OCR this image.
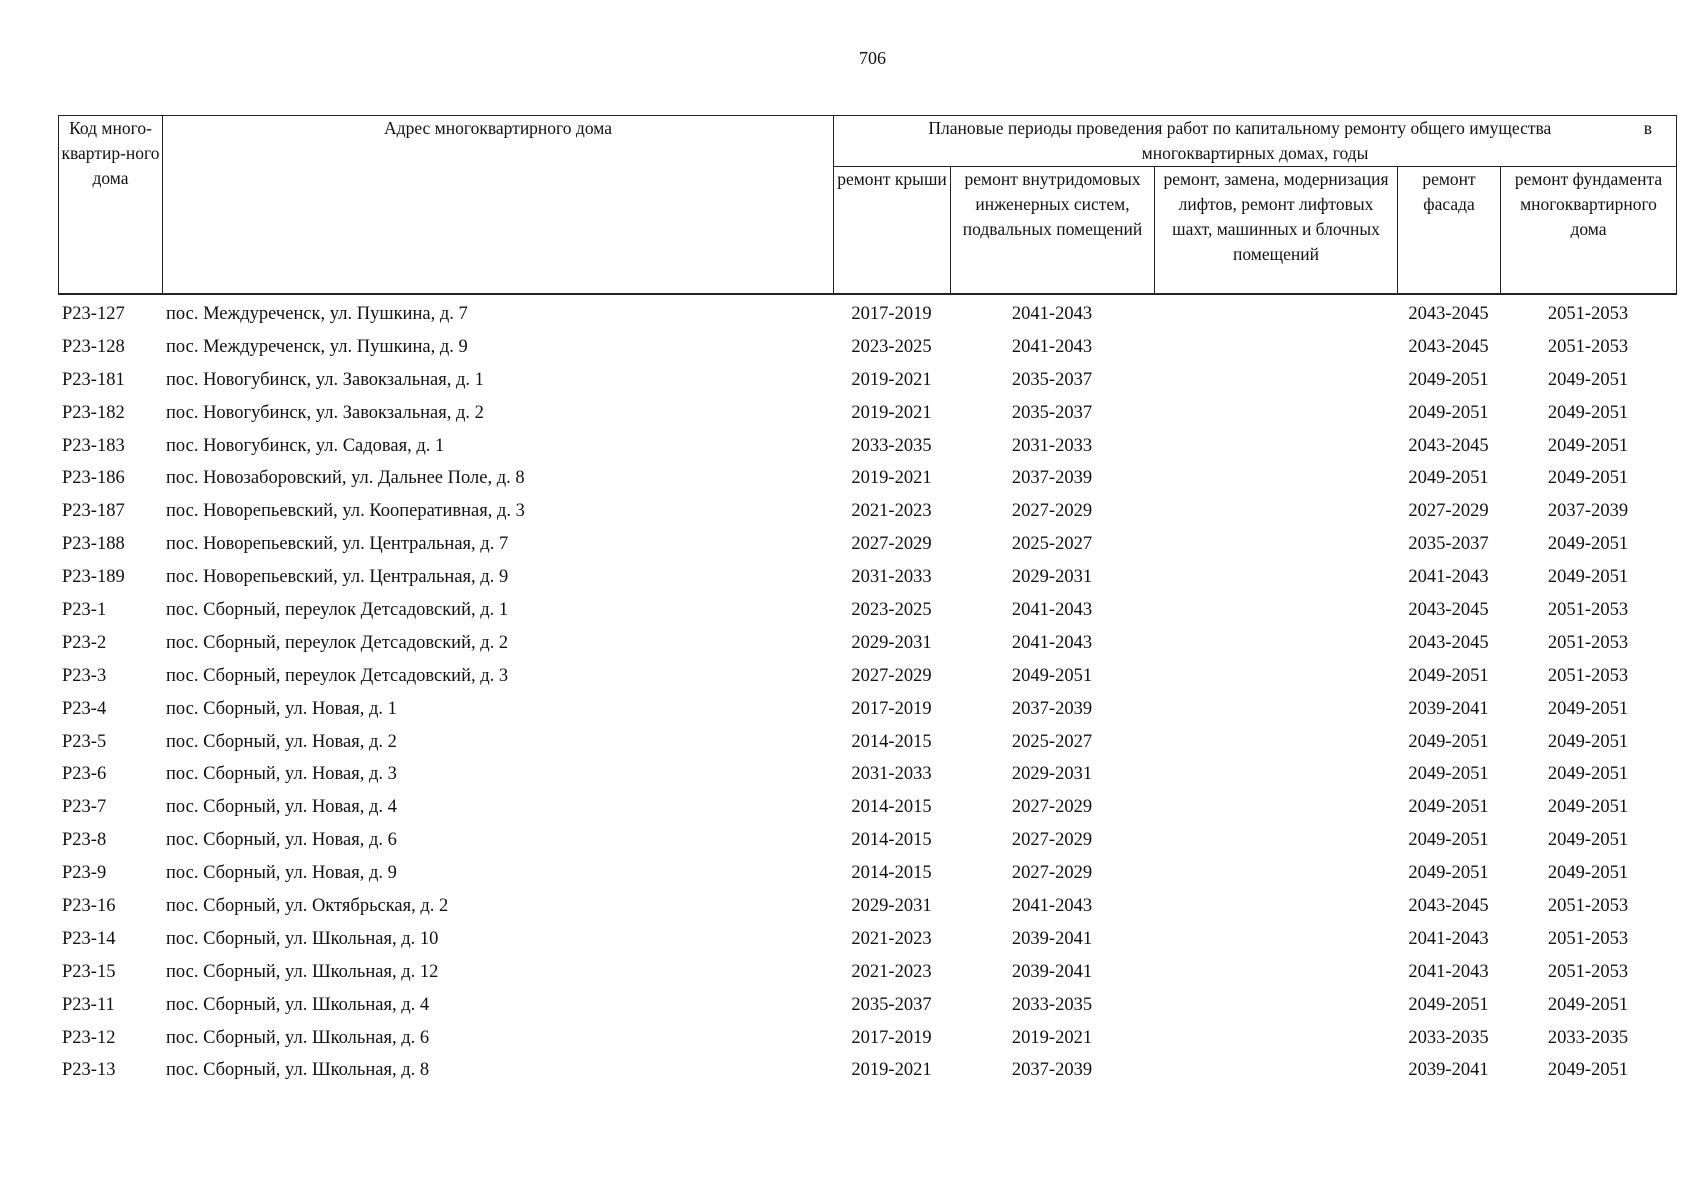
706
Код много-квартир-ного дома	Адрес многоквартирного дома	в
Плановые периоды проведения работ по капитальному ремонту общего имущества
многоквартирных домах, годы				
		ремонт крыши	ремонт внутридомовых инженерных систем, подвальных помещений	ремонт, замена, модернизация лифтов, ремонт лифтовых шахт, машинных и блочных помещений	ремонт фасада	ремонт фундамента многоквартирного дома
Р23-127	пос. Междуреченск, ул. Пушкина, д. 7	2017-2019	2041-2043		2043-2045	2051-2053
Р23-128	пос. Междуреченск, ул. Пушкина, д. 9	2023-2025	2041-2043		2043-2045	2051-2053
Р23-181	пос. Новогубинск, ул. Завокзальная, д. 1	2019-2021	2035-2037		2049-2051	2049-2051
Р23-182	пос. Новогубинск, ул. Завокзальная, д. 2	2019-2021	2035-2037		2049-2051	2049-2051
Р23-183	пос. Новогубинск, ул. Садовая, д. 1	2033-2035	2031-2033		2043-2045	2049-2051
Р23-186	пос. Новозаборовский, ул. Дальнее Поле, д. 8	2019-2021	2037-2039		2049-2051	2049-2051
Р23-187	пос. Новорепьевский, ул. Кооперативная, д. 3	2021-2023	2027-2029		2027-2029	2037-2039
Р23-188	пос. Новорепьевский, ул. Центральная, д. 7	2027-2029	2025-2027		2035-2037	2049-2051
Р23-189	пос. Новорепьевский, ул. Центральная, д. 9	2031-2033	2029-2031		2041-2043	2049-2051
Р23-1	пос. Сборный, переулок Детсадовский, д. 1	2023-2025	2041-2043		2043-2045	2051-2053
Р23-2	пос. Сборный, переулок Детсадовский, д. 2	2029-2031	2041-2043		2043-2045	2051-2053
Р23-3	пос. Сборный, переулок Детсадовский, д. 3	2027-2029	2049-2051		2049-2051	2051-2053
Р23-4	пос. Сборный, ул. Новая, д. 1	2017-2019	2037-2039		2039-2041	2049-2051
Р23-5	пос. Сборный, ул. Новая, д. 2	2014-2015	2025-2027		2049-2051	2049-2051
Р23-6	пос. Сборный, ул. Новая, д. 3	2031-2033	2029-2031		2049-2051	2049-2051
Р23-7	пос. Сборный, ул. Новая, д. 4	2014-2015	2027-2029		2049-2051	2049-2051
Р23-8	пос. Сборный, ул. Новая, д. 6	2014-2015	2027-2029		2049-2051	2049-2051
Р23-9	пос. Сборный, ул. Новая, д. 9	2014-2015	2027-2029		2049-2051	2049-2051
Р23-16	пос. Сборный, ул. Октябрьская, д. 2	2029-2031	2041-2043		2043-2045	2051-2053
Р23-14	пос. Сборный, ул. Школьная, д. 10	2021-2023	2039-2041		2041-2043	2051-2053
Р23-15	пос. Сборный, ул. Школьная, д. 12	2021-2023	2039-2041		2041-2043	2051-2053
Р23-11	пос. Сборный, ул. Школьная, д. 4	2035-2037	2033-2035		2049-2051	2049-2051
Р23-12	пос. Сборный, ул. Школьная, д. 6	2017-2019	2019-2021		2033-2035	2033-2035
Р23-13	пос. Сборный, ул. Школьная, д. 8	2019-2021	2037-2039		2039-2041	2049-2051
